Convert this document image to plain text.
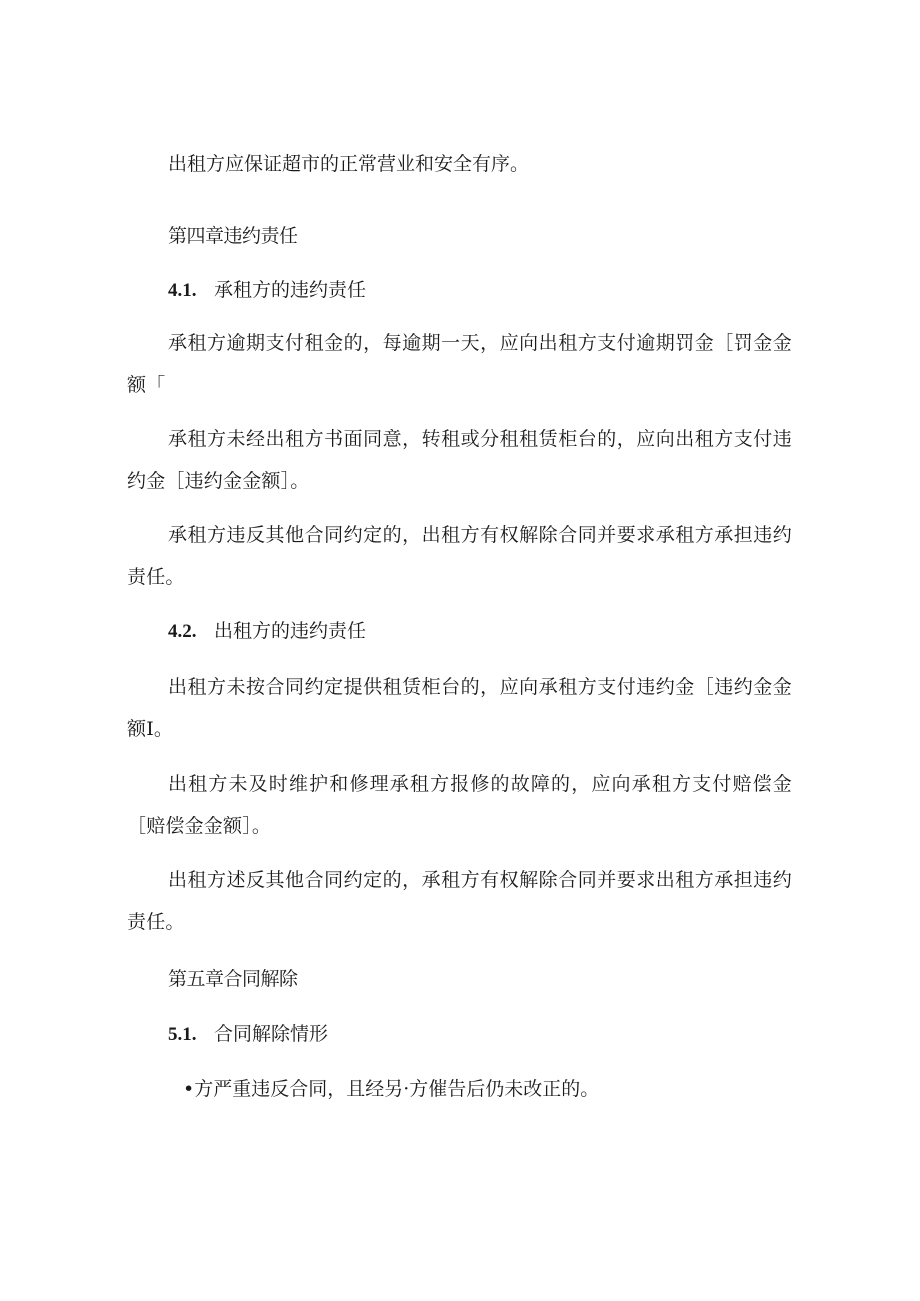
出租方应保证超市的正常营业和安全有序。
第四章违约责任
4.1. 承租方的违约责任
承租方逾期支付租金的，每逾期一天，应向出租方支付逾期罚金［罚金金额「
承租方未经出租方书面同意，转租或分租租赁柜台的，应向出租方支付违约金［违约金金额］。
承租方违反其他合同约定的，出租方有权解除合同并要求承租方承担违约责任。
4.2. 出租方的违约责任
出租方未按合同约定提供租赁柜台的，应向承租方支付违约金［违约金金额I。
出租方未及时维护和修理承租方报修的故障的，应向承租方支付赔偿金［赔偿金金额］。
出租方述反其他合同约定的，承租方有权解除合同并要求出租方承担违约责任。
第五章合同解除
5.1. 合同解除情形
•方严重违反合同，且经另·方催告后仍未改正的。
